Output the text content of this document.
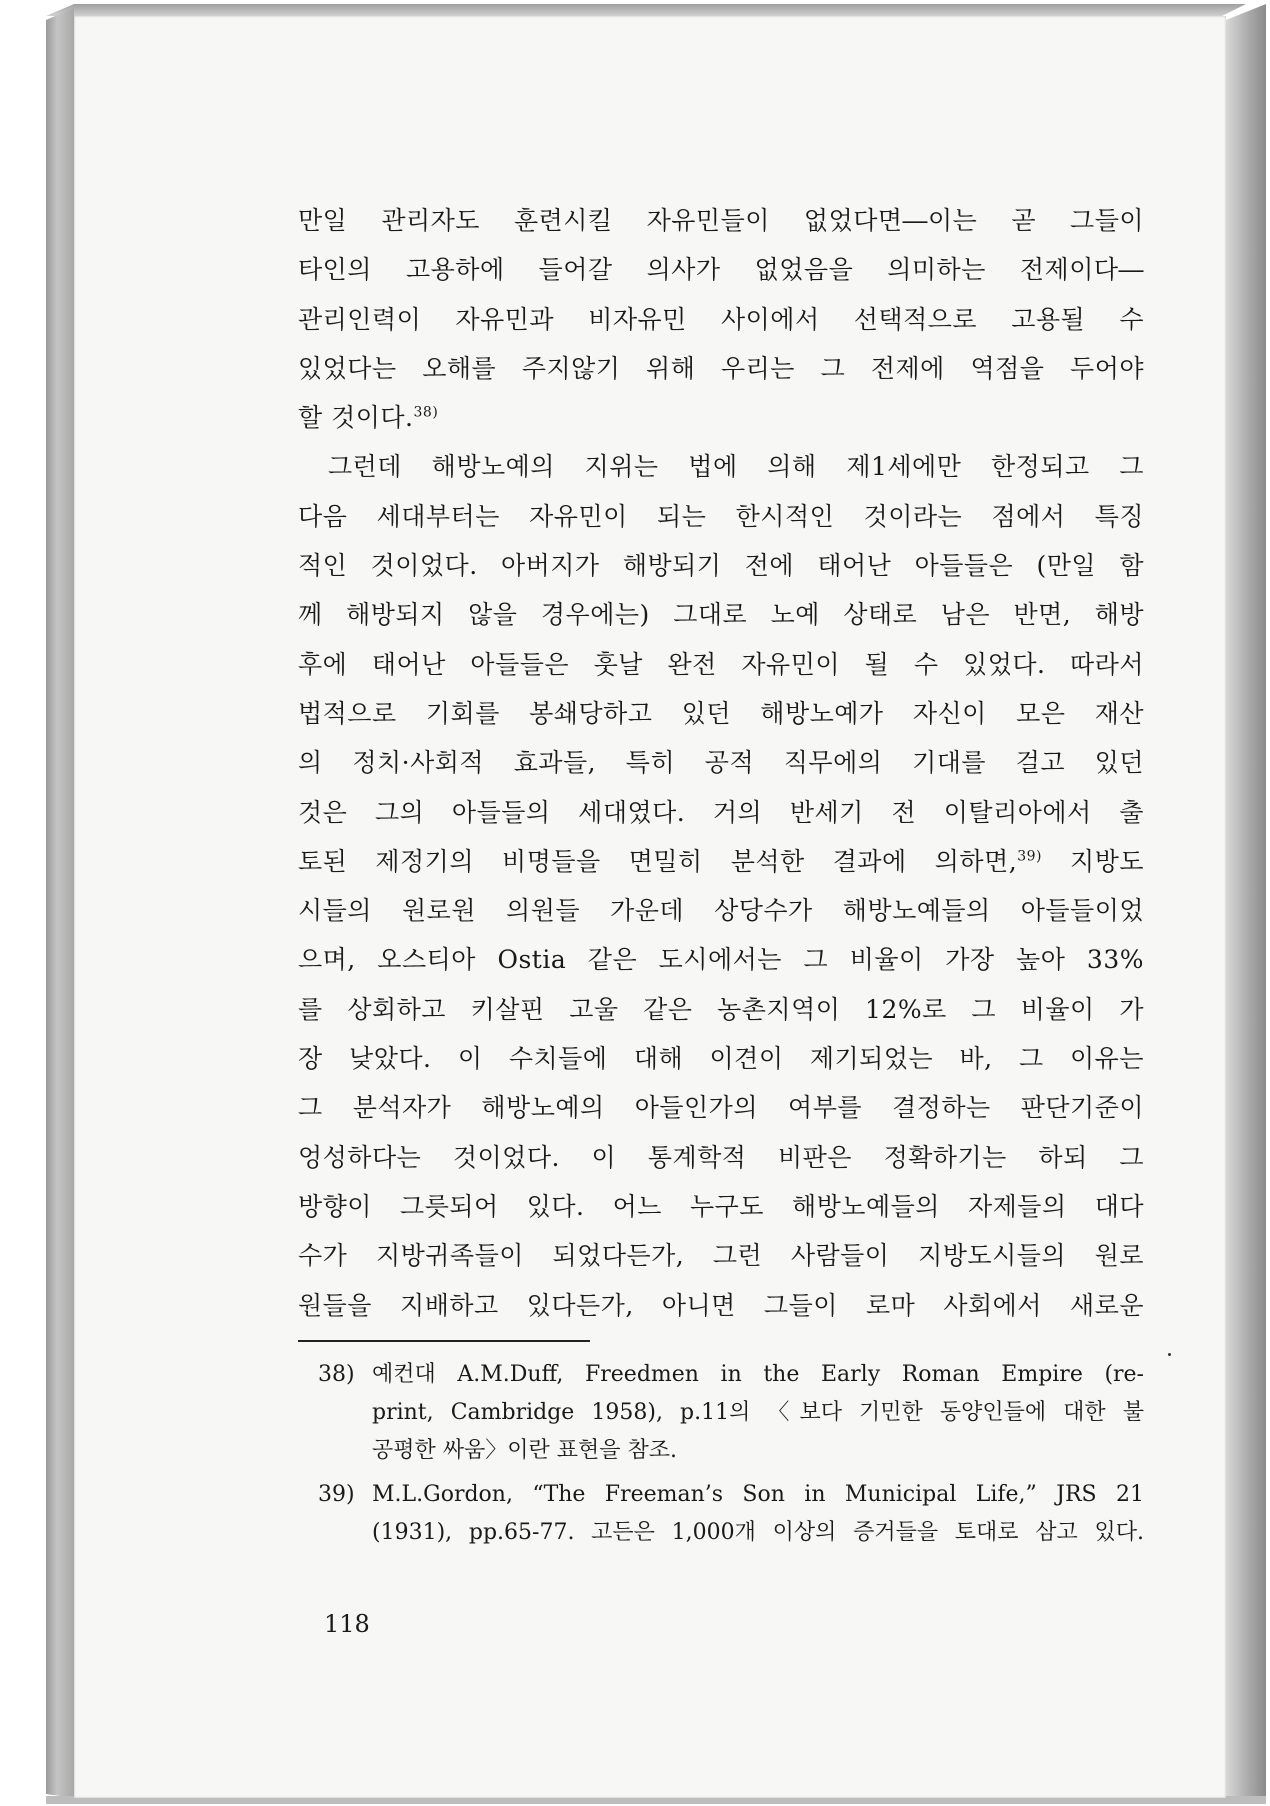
만일 관리자도 훈련시킬 자유민들이 없었다면―이는 곧 그들이
타인의 고용하에 들어갈 의사가 없었음을 의미하는 전제이다―
관리인력이 자유민과 비자유민 사이에서 선택적으로 고용될 수
있었다는 오해를 주지않기 위해 우리는 그 전제에 역점을 두어야
할 것이다.$^{38)}$
그런데 해방노예의 지위는 법에 의해 제1세에만 한정되고 그
다음 세대부터는 자유민이 되는 한시적인 것이라는 점에서 특징
적인 것이었다. 아버지가 해방되기 전에 태어난 아들들은 (만일 함
께 해방되지 않을 경우에는) 그대로 노예 상태로 남은 반면, 해방
후에 태어난 아들들은 훗날 완전 자유민이 될 수 있었다. 따라서
법적으로 기회를 봉쇄당하고 있던 해방노예가 자신이 모은 재산
의 정치·사회적 효과들, 특히 공적 직무에의 기대를 걸고 있던
것은 그의 아들들의 세대였다. 거의 반세기 전 이탈리아에서 출
토된 제정기의 비명들을 면밀히 분석한 결과에 의하면,$^{39)}$ 지방도
시들의 원로원 의원들 가운데 상당수가 해방노예들의 아들들이었
으며, 오스티아 Ostia 같은 도시에서는 그 비율이 가장 높아 33%
를 상회하고 키살핀 고울 같은 농촌지역이 12%로 그 비율이 가
장 낮았다. 이 수치들에 대해 이견이 제기되었는 바, 그 이유는
그 분석자가 해방노예의 아들인가의 여부를 결정하는 판단기준이
엉성하다는 것이었다. 이 통계학적 비판은 정확하기는 하되 그
방향이 그릇되어 있다. 어느 누구도 해방노예들의 자제들의 대다
수가 지방귀족들이 되었다든가, 그런 사람들이 지방도시들의 원로
원들을 지배하고 있다든가, 아니면 그들이 로마 사회에서 새로운
38) 예컨대 A.M.Duff, Freedmen in the Early Roman Empire (re-
print, Cambridge 1958), p.11의 〈보다 기민한 동양인들에 대한 불
공평한 싸움〉이란 표현을 참조.
39) M.L.Gordon, “The Freeman’s Son in Municipal Life,” JRS 21
(1931), pp.65-77. 고든은 1,000개 이상의 증거들을 토대로 삼고 있다.
118
